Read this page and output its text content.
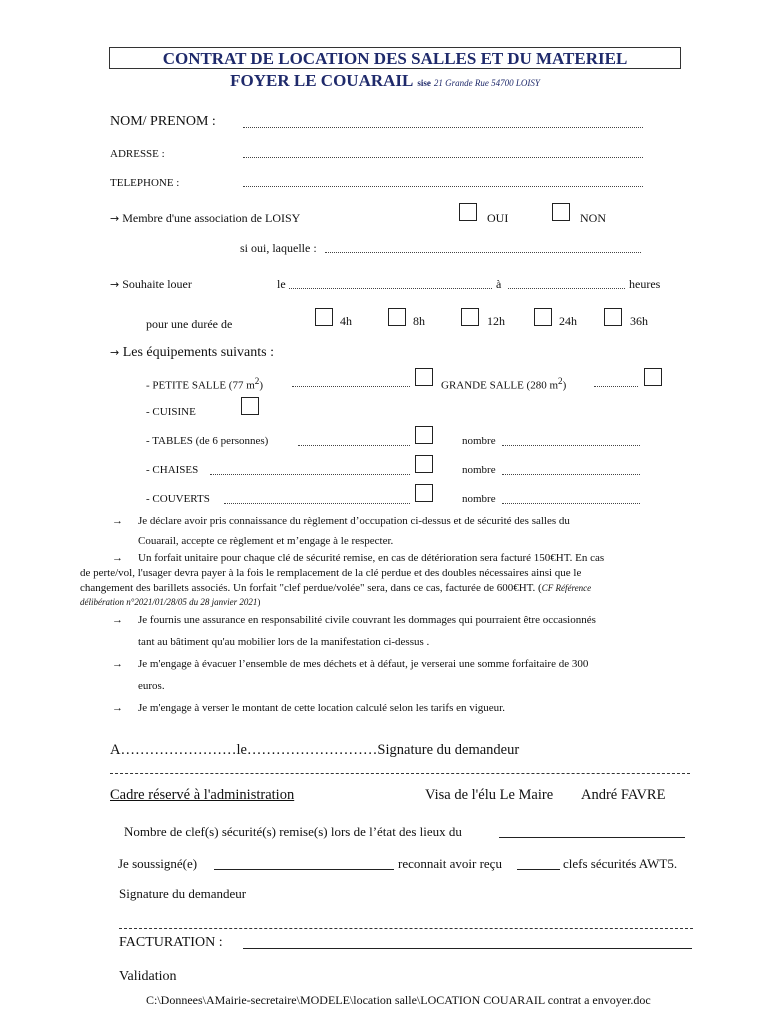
CONTRAT DE LOCATION DES SALLES ET DU MATERIEL
FOYER LE COUARAIL sise 21 Grande Rue 54700 LOISY
NOM/ PRENOM :
ADRESSE :
TELEPHONE :
→ Membre d'une association de LOISY	OUI	NON
si oui, laquelle :
→ Souhaite louer	le	à	heures
pour une durée de	4h	8h	12h	24h	36h
→ Les équipements suivants :
- PETITE SALLE (77 $m^2$)	GRANDE SALLE (280 $m^2$)
- CUISINE
- TABLES (de 6 personnes)	nombre
- CHAISES	nombre
- COUVERTS	nombre
→ Je déclare avoir pris connaissance du règlement d’occupation ci-dessus et de sécurité des salles du
Couarail, accepte ce règlement et m’engage à le respecter.
→ Un forfait unitaire pour chaque clé de sécurité remise, en cas de détérioration sera facturé 150€HT. En cas
de perte/vol, l'usager devra payer à la fois le remplacement de la clé perdue et des doubles nécessaires ainsi que le
changement des barillets associés. Un forfait "clef perdue/volée" sera, dans ce cas, facturée de 600€HT. (CF Référence
délibération n°2021/01/28/05 du 28 janvier 2021)
→ Je fournis une assurance en responsabilité civile couvrant les dommages qui pourraient être occasionnés
tant au bâtiment qu'au mobilier lors de la manifestation ci-dessus .
→ Je m'engage à évacuer l’ensemble de mes déchets et à défaut, je verserai une somme forfaitaire de 300
euros.
→ Je m'engage à verser le montant de cette location calculé selon les tarifs en vigueur.
A……………………le………………………Signature du demandeur
Cadre réservé à l'administration	Visa de l'élu Le Maire André FAVRE
Nombre de clef(s) sécurité(s) remise(s) lors de l’état des lieux du
Je soussigné(e)	reconnait avoir reçu	clefs sécurités AWT5.
Signature du demandeur
FACTURATION :
Validation
C:\Donnees\AMairie-secretaire\MODELE\location salle\LOCATION COUARAIL contrat a envoyer.doc
